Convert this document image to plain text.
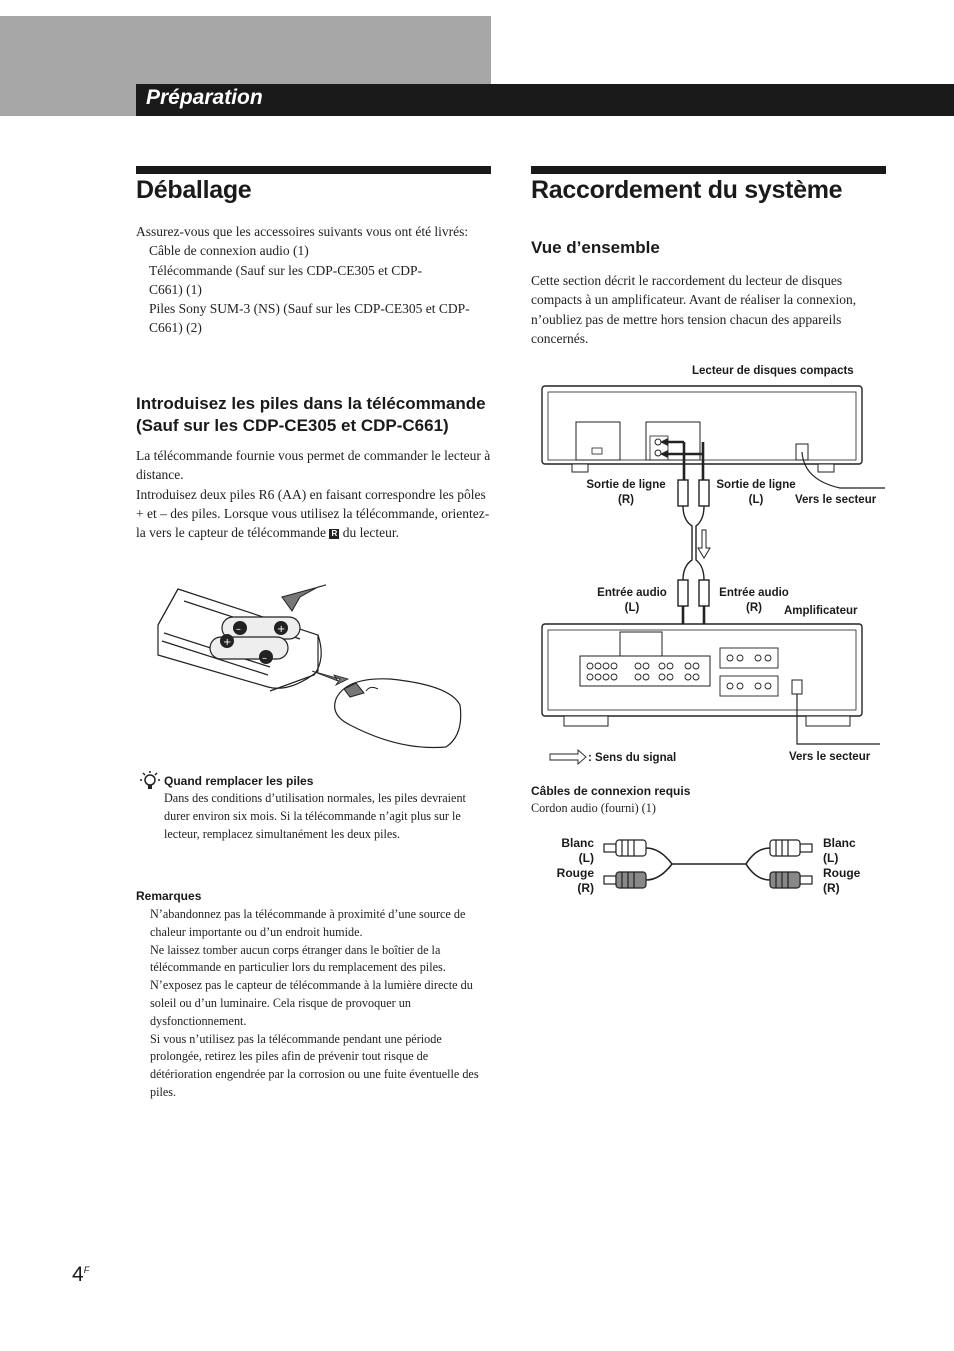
Préparation
Déballage

Assurez-vous que les accessoires suivants vous ont été livrés:

Câble de connexion audio (1)

Télécommande (Sauf sur les CDP-CE305 et CDP-C661) (1)

Piles Sony SUM-3 (NS) (Sauf sur les CDP-CE305 et CDP-C661) (2)

Introduisez les piles dans la télécommande (Sauf sur les CDP-CE305 et CDP-C661)

La télécommande fournie vous permet de commander le lecteur à distance.

Introduisez deux piles R6 (AA) en faisant correspondre les pôles + et – des piles. Lorsque vous utilisez la télécommande, orientez-la vers le capteur de télécommande R du lecteur.

–	+
+
–
Quand remplacer les piles
Dans des conditions d’utilisation normales, les piles devraient durer environ six mois. Si la télécommande n’agit plus sur le lecteur, remplacez simultanément les deux piles.
Remarques

N’abandonnez pas la télécommande à proximité d’une source de chaleur importante ou d’un endroit humide.

Ne laissez tomber aucun corps étranger dans le boîtier de la télécommande en particulier lors du remplacement des piles.

N’exposez pas le capteur de télécommande à la lumière directe du soleil ou d’un luminaire. Cela risque de provoquer un dysfonctionnement.

Si vous n’utilisez pas la télécommande pendant une période prolongée, retirez les piles afin de prévenir tout risque de détérioration engendrée par la corrosion ou une fuite éventuelle des piles.

Raccordement du système
Vue d’ensemble
Cette section décrit le raccordement du lecteur de disques compacts à un amplificateur. Avant de réaliser la connexion, n’oubliez pas de mettre hors tension chacun des appareils concernés.
Lecteur de disques compacts

Sortie de ligne

(R)

Sortie de ligne

(L)	Vers le secteur

Entrée audio

(L)

Entrée audio

(R)	Amplificateur
: Sens du signal	Vers le secteur
Câbles de connexion requis
Cordon audio (fourni) (1)

Blanc

(L)

Rouge

(R)

Blanc

(L)

Rouge

(R)

$4^F$
